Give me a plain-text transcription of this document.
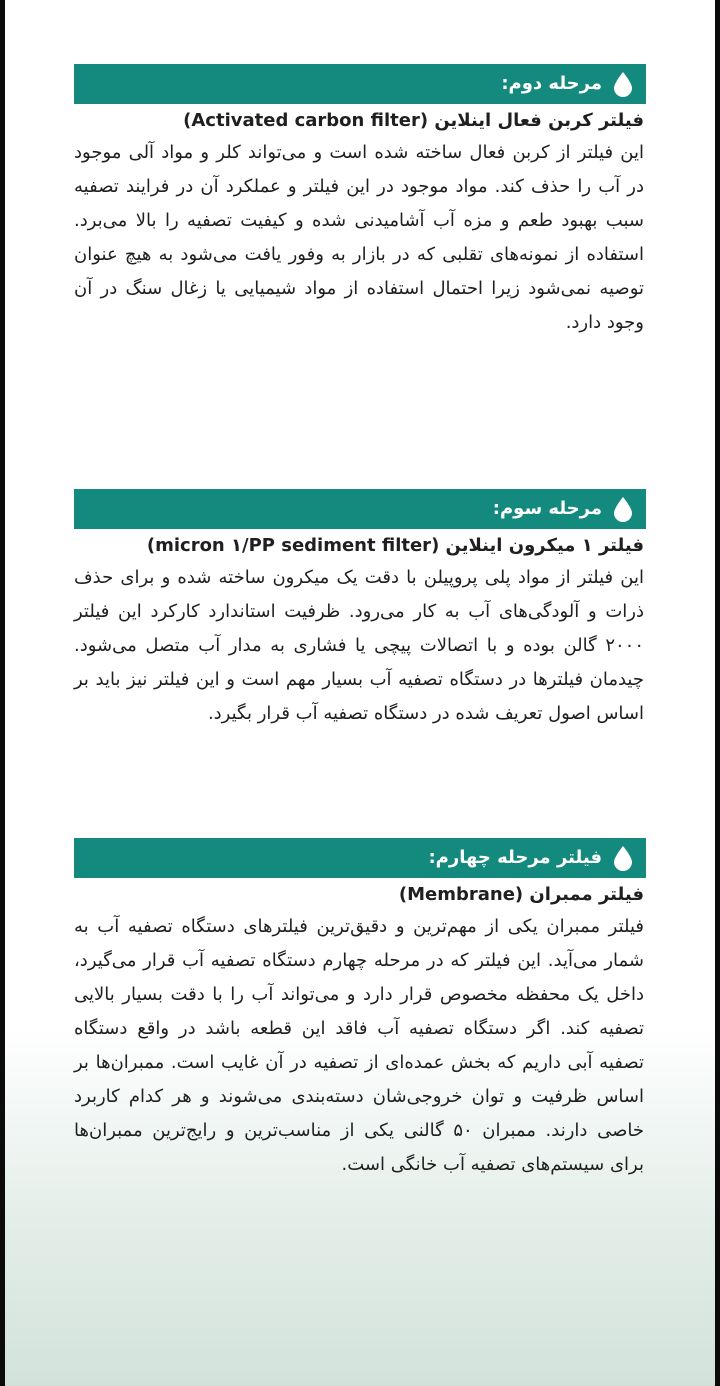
مرحله دوم:
فیلتر کربن فعال اینلاین (Activated carbon filter)

این فیلتر از کربن فعال ساخته شده است و می‌تواند کلر و مواد آلی موجود در آب را حذف کند. مواد موجود در این فیلتر و عملکرد آن در فرایند تصفیه سبب بهبود طعم و مزه آب آشامیدنی شده و کیفیت تصفیه را بالا می‌برد. استفاده از نمونه‌های تقلبی که در بازار به وفور یافت می‌شود به هیچ عنوان توصیه نمی‌شود زیرا احتمال استفاده از مواد شیمیایی یا زغال سنگ در آن وجود دارد.

مرحله سوم:
فیلتر ۱ میکرون اینلاین (micron ۱/PP sediment filter)

این فیلتر از مواد پلی پروپیلن با دقت یک میکرون ساخته شده و برای حذف ذرات و آلودگی‌های آب به کار می‌رود. ظرفیت استاندارد کارکرد این فیلتر ۲۰۰۰ گالن بوده و با اتصالات پیچی یا فشاری به مدار آب متصل می‌شود. چیدمان فیلترها در دستگاه تصفیه آب بسیار مهم است و این فیلتر نیز باید بر اساس اصول تعریف شده در دستگاه تصفیه آب قرار بگیرد.

فیلتر مرحله چهارم:
فیلتر ممبران (Membrane)

فیلتر ممبران یکی از مهم‌ترین و دقیق‌ترین فیلترهای دستگاه تصفیه آب به شمار می‌آید. این فیلتر که در مرحله چهارم دستگاه تصفیه آب قرار می‌گیرد، داخل یک محفظه مخصوص قرار دارد و می‌تواند آب را با دقت بسیار بالایی تصفیه کند. اگر دستگاه تصفیه آب فاقد این قطعه باشد در واقع دستگاه تصفیه آبی داریم که بخش عمده‌ای از تصفیه در آن غایب است. ممبران‌ها بر اساس ظرفیت و توان خروجی‌شان دسته‌بندی می‌شوند و هر کدام کاربرد خاصی دارند. ممبران ۵۰ گالنی یکی از مناسب‌ترین و رایج‌ترین ممبران‌ها برای سیستم‌های تصفیه آب خانگی است.
